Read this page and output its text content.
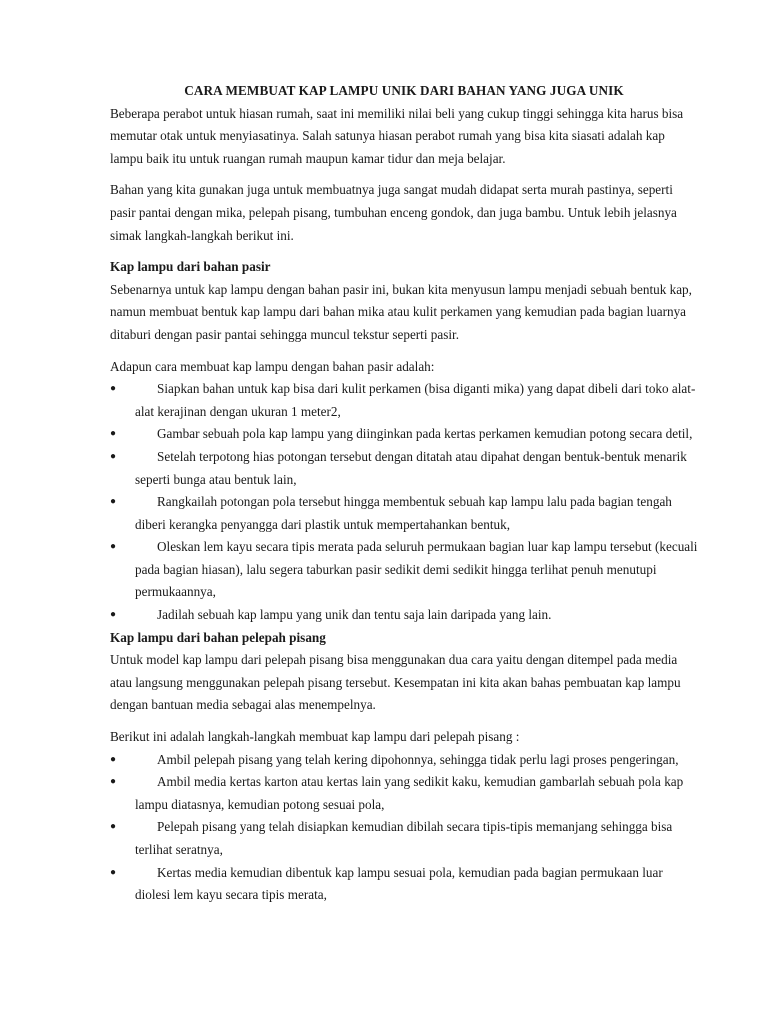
CARA MEMBUAT KAP LAMPU UNIK DARI BAHAN YANG JUGA UNIK

Beberapa perabot untuk hiasan rumah, saat ini memiliki nilai beli yang cukup tinggi sehingga kita harus bisa memutar otak untuk menyiasatinya. Salah satunya hiasan perabot rumah yang bisa kita siasati adalah kap lampu baik itu untuk ruangan rumah maupun kamar tidur dan meja belajar.

Bahan yang kita gunakan juga untuk membuatnya juga sangat mudah didapat serta murah pastinya, seperti pasir pantai dengan mika, pelepah pisang, tumbuhan enceng gondok, dan juga bambu. Untuk lebih jelasnya simak langkah-langkah berikut ini.

Kap lampu dari bahan pasir

Sebenarnya untuk kap lampu dengan bahan pasir ini, bukan kita menyusun lampu menjadi sebuah bentuk kap, namun membuat bentuk kap lampu dari bahan mika atau kulit perkamen yang kemudian pada bagian luarnya ditaburi dengan pasir pantai sehingga muncul tekstur seperti pasir.

Adapun cara membuat kap lampu dengan bahan pasir adalah:

●	Siapkan bahan untuk kap bisa dari kulit perkamen (bisa diganti mika) yang dapat dibeli dari toko alat-alat kerajinan dengan ukuran 1 meter2,
●	Gambar sebuah pola kap lampu yang diinginkan pada kertas perkamen kemudian potong secara detil,
●	Setelah terpotong hias potongan tersebut dengan ditatah atau dipahat dengan bentuk-bentuk menarik seperti bunga atau bentuk lain,
●	Rangkailah potongan pola tersebut hingga membentuk sebuah kap lampu lalu pada bagian tengah diberi kerangka penyangga dari plastik untuk mempertahankan bentuk,
●	Oleskan lem kayu secara tipis merata pada seluruh permukaan bagian luar kap lampu tersebut (kecuali pada bagian hiasan), lalu segera taburkan pasir sedikit demi sedikit hingga terlihat penuh menutupi permukaannya,
●	Jadilah sebuah kap lampu yang unik dan tentu saja lain daripada yang lain.

Kap lampu dari bahan pelepah pisang

Untuk model kap lampu dari pelepah pisang bisa menggunakan dua cara yaitu dengan ditempel pada media atau langsung menggunakan pelepah pisang tersebut. Kesempatan ini kita akan bahas pembuatan kap lampu dengan bantuan media sebagai alas menempelnya.

Berikut ini adalah langkah-langkah membuat kap lampu dari pelepah pisang :

●	Ambil pelepah pisang yang telah kering dipohonnya, sehingga tidak perlu lagi proses pengeringan,
●	Ambil media kertas karton atau kertas lain yang sedikit kaku, kemudian gambarlah sebuah pola kap lampu diatasnya, kemudian potong sesuai pola,
●	Pelepah pisang yang telah disiapkan kemudian dibilah secara tipis-tipis memanjang sehingga bisa terlihat seratnya,
●	Kertas media kemudian dibentuk kap lampu sesuai pola, kemudian pada bagian permukaan luar diolesi lem kayu secara tipis merata,
